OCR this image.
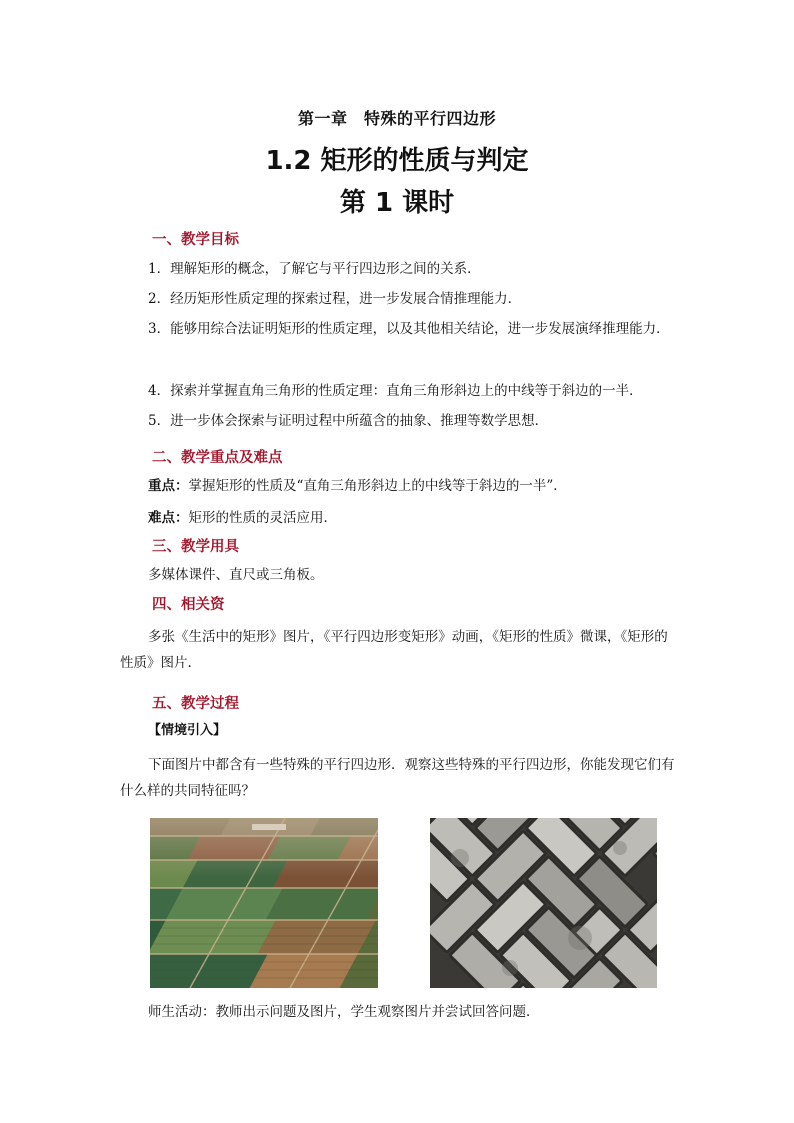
第一章　特殊的平行四边形
1.2 矩形的性质与判定
第 1 课时
一、教学目标
1．理解矩形的概念，了解它与平行四边形之间的关系．
2．经历矩形性质定理的探索过程，进一步发展合情推理能力．
3．能够用综合法证明矩形的性质定理，以及其他相关结论，进一步发展演绎推理能力．
4．探索并掌握直角三角形的性质定理：直角三角形斜边上的中线等于斜边的一半．
5．进一步体会探索与证明过程中所蕴含的抽象、推理等数学思想．
二、教学重点及难点
重点：掌握矩形的性质及“直角三角形斜边上的中线等于斜边的一半”．
难点：矩形的性质的灵活应用．
三、教学用具
多媒体课件、直尺或三角板。
四、相关资
多张《生活中的矩形》图片，《平行四边形变矩形》动画，《矩形的性质》微课，《矩形的性质》图片.
五、教学过程
【情境引入】
下面图片中都含有一些特殊的平行四边形．观察这些特殊的平行四边形，你能发现它们有什么样的共同特征吗？
师生活动：教师出示问题及图片，学生观察图片并尝试回答问题．
